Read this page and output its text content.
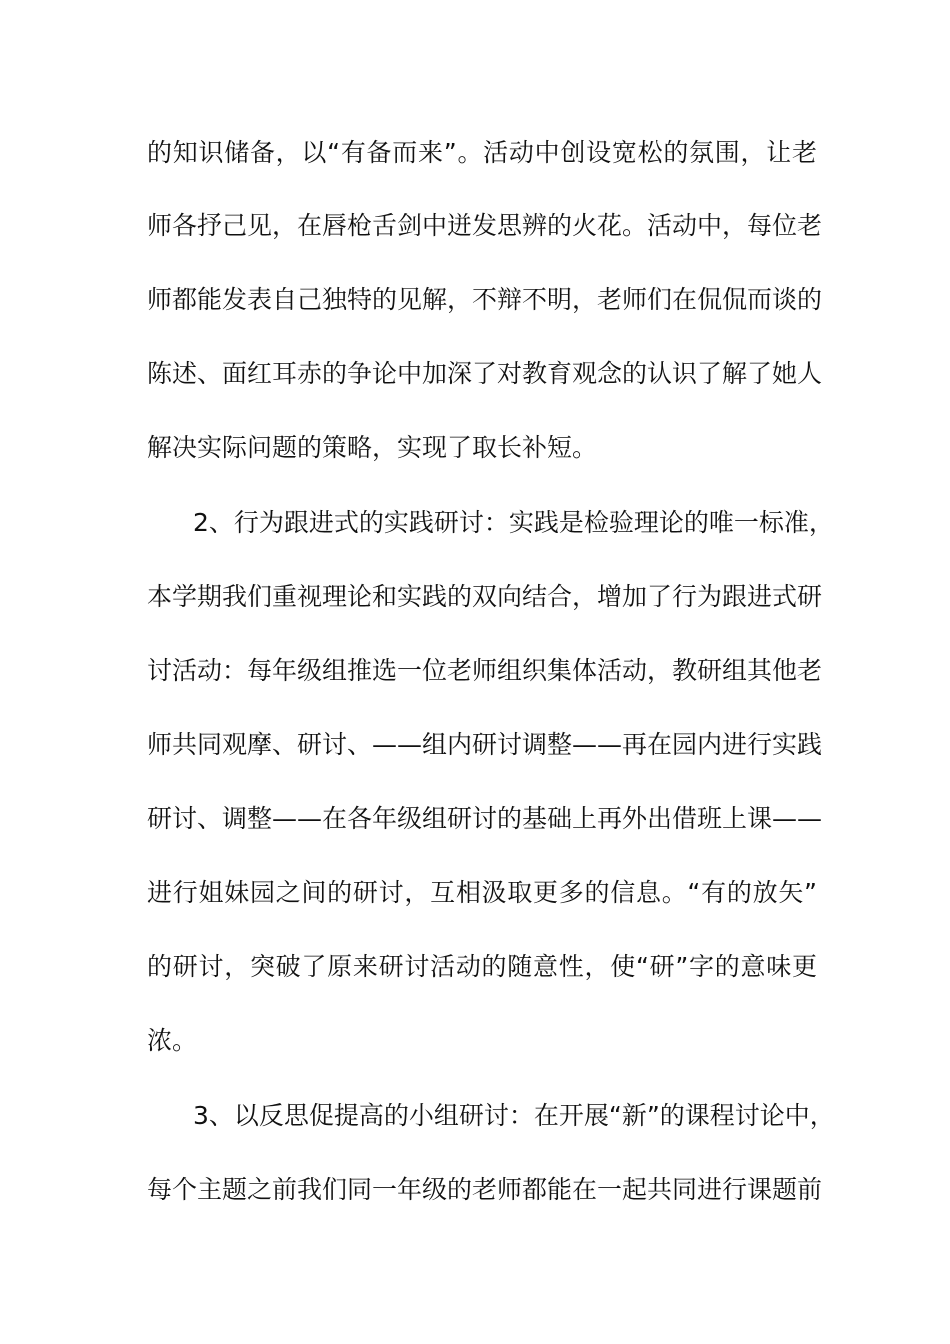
的知识储备，以“有备而来”。活动中创设宽松的氛围，让老
师各抒己见，在唇枪舌剑中迸发思辨的火花。活动中，每位老
师都能发表自己独特的见解，不辩不明，老师们在侃侃而谈的
陈述、面红耳赤的争论中加深了对教育观念的认识了解了她人
解决实际问题的策略，实现了取长补短。
2、行为跟进式的实践研讨：实践是检验理论的唯一标准，
本学期我们重视理论和实践的双向结合，增加了行为跟进式研
讨活动：每年级组推选一位老师组织集体活动，教研组其他老
师共同观摩、研讨、——组内研讨调整——再在园内进行实践
研讨、调整——在各年级组研讨的基础上再外出借班上课——
进行姐妹园之间的研讨，互相汲取更多的信息。“有的放矢”
的研讨，突破了原来研讨活动的随意性，使“研”字的意味更
浓。
3、以反思促提高的小组研讨：在开展“新”的课程讨论中，
每个主题之前我们同一年级的老师都能在一起共同进行课题前
